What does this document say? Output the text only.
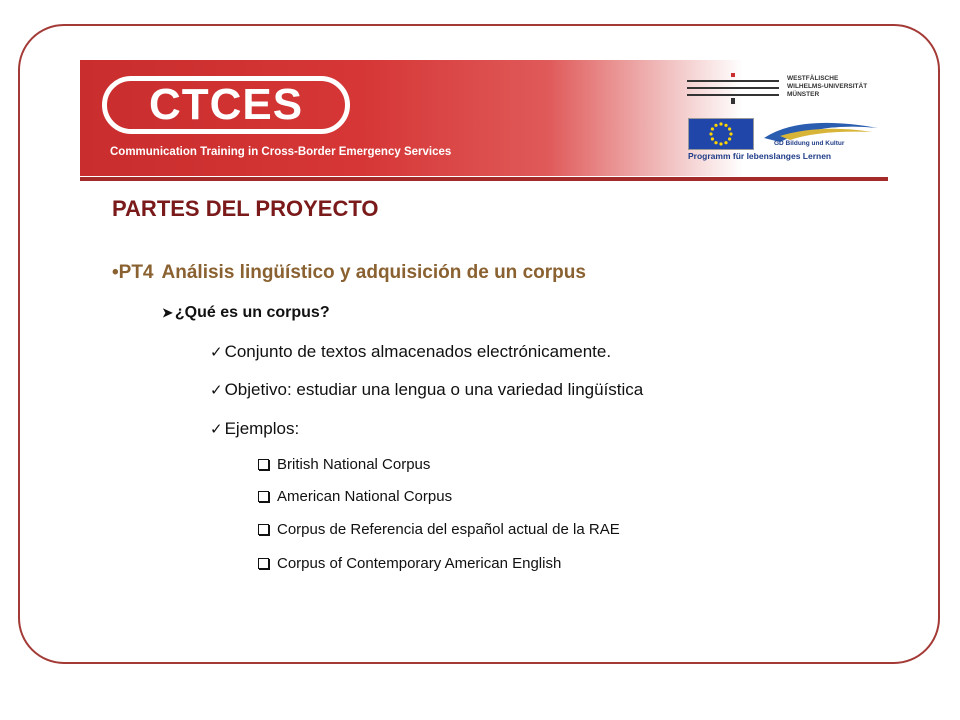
CTCES
Communication Training in Cross-Border Emergency Services
WESTFÄLISCHE
WILHELMS-UNIVERSITÄT
MÜNSTER
GD Bildung und Kultur
Programm für lebenslanges Lernen
PARTES DEL PROYECTO
•PT4 Análisis lingüístico y adquisición de un corpus
➤ ¿Qué es un corpus?
✓ Conjunto de textos almacenados electrónicamente.
✓ Objetivo: estudiar una lengua o una variedad lingüística
✓ Ejemplos:
British National Corpus
American National Corpus
Corpus de Referencia del español actual de la RAE
Corpus of Contemporary American English
